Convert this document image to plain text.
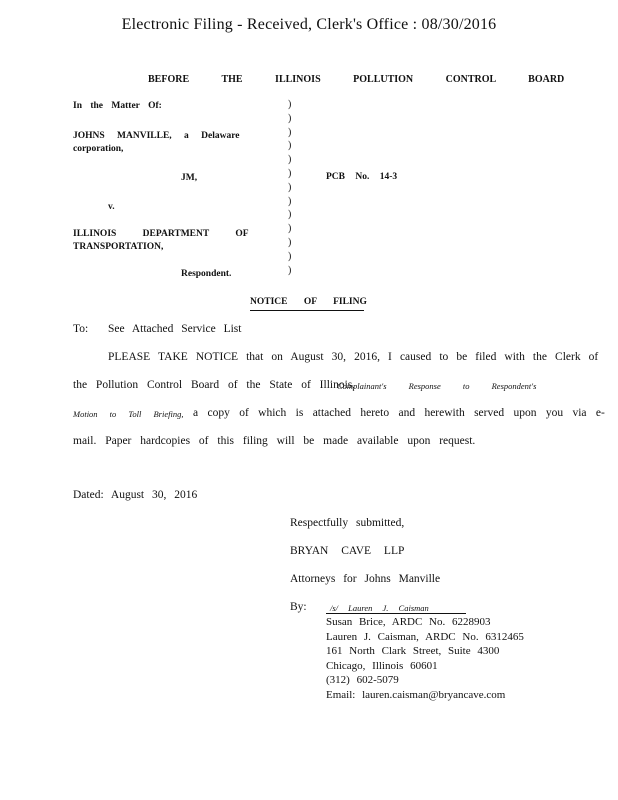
Electronic Filing - Received, Clerk's Office : 08/30/2016
BEFORE THE ILLINOIS POLLUTION CONTROL BOARD
In the Matter Of:
JOHNS MANVILLE, a Delaware
corporation,
JM,
v.
ILLINOIS DEPARTMENT OF
TRANSPORTATION,
Respondent.
)
)
)
)
)
)
)
)
)
)
)
)
)
PCB No. 14-3
NOTICE OF FILING
To: See Attached Service List
PLEASE TAKE NOTICE that on August 30, 2016, I caused to be filed with the Clerk of
the Pollution Control Board of the State of Illinois,
Complainant's Response to Respondent's
Motion to Toll Briefing, a copy of which is attached hereto and herewith served upon you via e-
mail. Paper hardcopies of this filing will be made available upon request.
Dated: August 30, 2016
Respectfully submitted,
BRYAN CAVE LLP
Attorneys for Johns Manville
By:	/s/ Lauren J. Caisman
Susan Brice, ARDC No. 6228903
Lauren J. Caisman, ARDC No. 6312465
161 North Clark Street, Suite 4300
Chicago, Illinois 60601
(312) 602-5079
Email: lauren.caisman@bryancave.com
